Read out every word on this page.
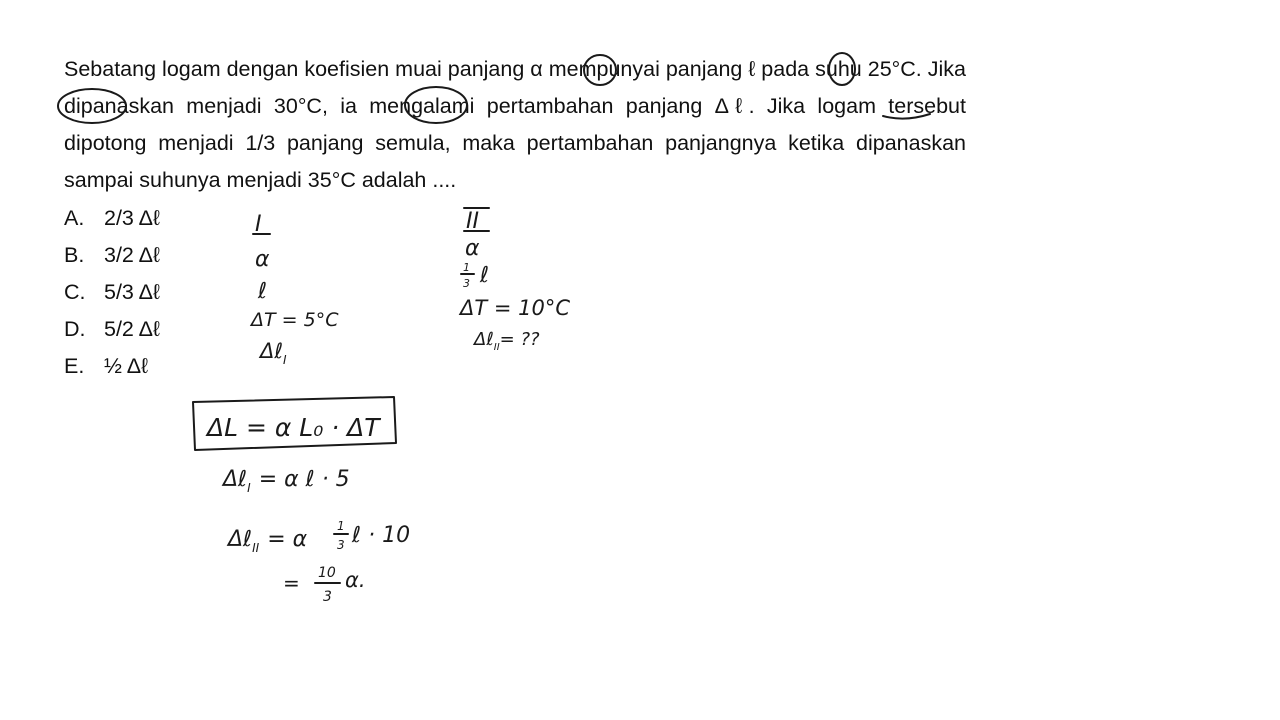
Sebatang logam dengan koefisien muai panjang α mempunyai panjang ℓ pada suhu 25°C. Jika dipanaskan menjadi 30°C, ia mengalami pertambahan panjang Δℓ. Jika logam tersebut dipotong menjadi 1/3 panjang semula, maka pertambahan panjangnya ketika dipanaskan sampai suhunya menjadi 35°C adalah ....

A. 2/3 Δℓ
B. 3/2 Δℓ
C. 5/3 Δℓ
D. 5/2 Δℓ
E. ½ Δℓ
I
α
ℓ
ΔT = 5°C
Δℓ$_I$
II
α
1
3 ℓ
ΔT = 10°C
Δℓ$_{II}$= ??
ΔL = α L₀ · ΔT
Δℓ$_I$ = α ℓ · 5
Δℓ$_{II}$ = α
1
3 ℓ · 10
= 10
3
α.
